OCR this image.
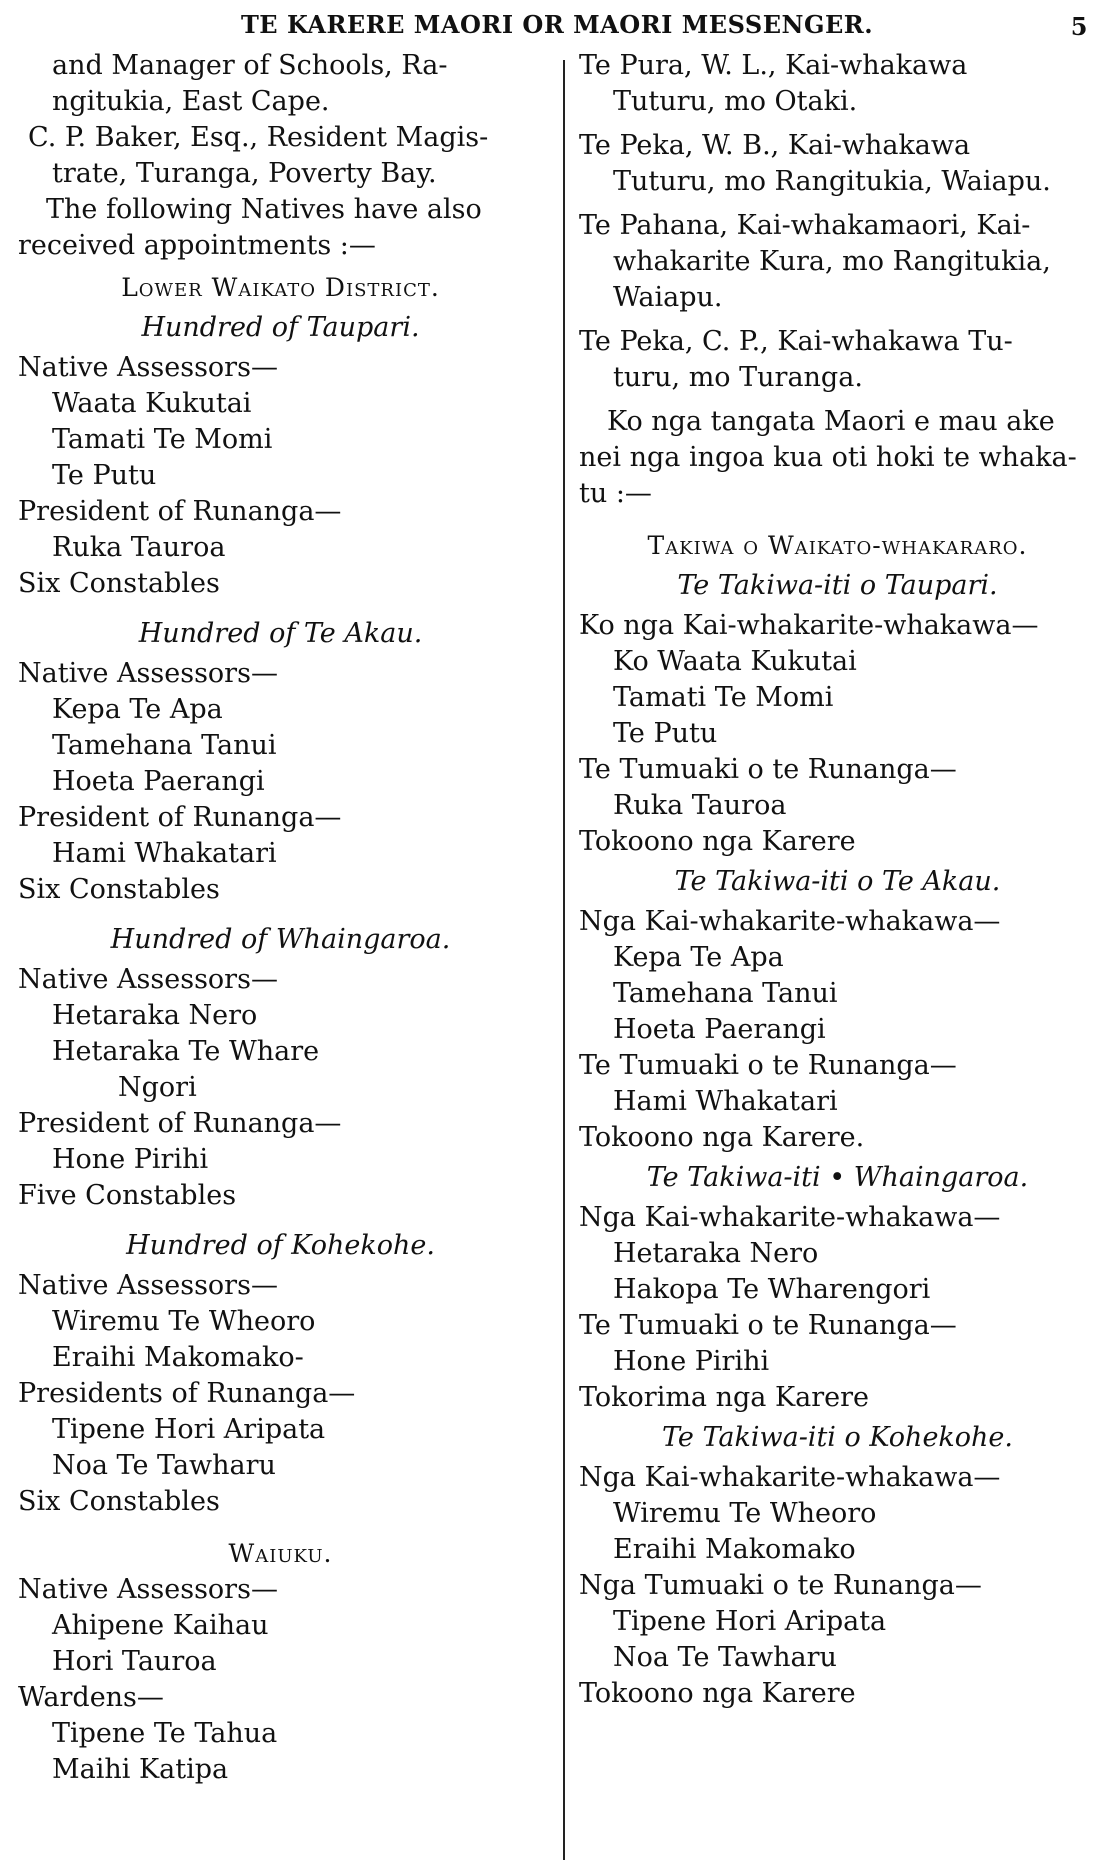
TE KARERE MAORI OR MAORI MESSENGER.	5
and Manager of Schools, Ra-
ngitukia, East Cape.
C. P. Baker, Esq., Resident Magis-
trate, Turanga, Poverty Bay.
The following Natives have also
received appointments :—
Lower Waikato District.
Hundred of Taupari.
Native Assessors—
Waata Kukutai
Tamati Te Momi
Te Putu
President of Runanga—
Ruka Tauroa
Six Constables
Hundred of Te Akau.
Native Assessors—
Kepa Te Apa
Tamehana Tanui
Hoeta Paerangi
President of Runanga—
Hami Whakatari
Six Constables
Hundred of Whaingaroa.
Native Assessors—
Hetaraka Nero
Hetaraka Te Whare
Ngori
President of Runanga—
Hone Pirihi
Five Constables
Hundred of Kohekohe.
Native Assessors—
Wiremu Te Wheoro
Eraihi Makomako-
Presidents of Runanga—
Tipene Hori Aripata
Noa Te Tawharu
Six Constables
Waiuku.
Native Assessors—
Ahipene Kaihau
Hori Tauroa
Wardens—
Tipene Te Tahua
Maihi Katipa
Te Pura, W. L., Kai-whakawa
Tuturu, mo Otaki.
Te Peka, W. B., Kai-whakawa
Tuturu, mo Rangitukia, Waiapu.
Te Pahana, Kai-whakamaori, Kai-
whakarite Kura, mo Rangitukia,
Waiapu.
Te Peka, C. P., Kai-whakawa Tu-
turu, mo Turanga.
Ko nga tangata Maori e mau ake
nei nga ingoa kua oti hoki te whaka-
tu :—
Takiwa o Waikato-whakararo.
Te Takiwa-iti o Taupari.
Ko nga Kai-whakarite-whakawa—
Ko Waata Kukutai
Tamati Te Momi
Te Putu
Te Tumuaki o te Runanga—
Ruka Tauroa
Tokoono nga Karere
Te Takiwa-iti o Te Akau.
Nga Kai-whakarite-whakawa—
Kepa Te Apa
Tamehana Tanui
Hoeta Paerangi
Te Tumuaki o te Runanga—
Hami Whakatari
Tokoono nga Karere.
Te Takiwa-iti • Whaingaroa.
Nga Kai-whakarite-whakawa—
Hetaraka Nero
Hakopa Te Wharengori
Te Tumuaki o te Runanga—
Hone Pirihi
Tokorima nga Karere
Te Takiwa-iti o Kohekohe.
Nga Kai-whakarite-whakawa—
Wiremu Te Wheoro
Eraihi Makomako
Nga Tumuaki o te Runanga—
Tipene Hori Aripata
Noa Te Tawharu
Tokoono nga Karere
